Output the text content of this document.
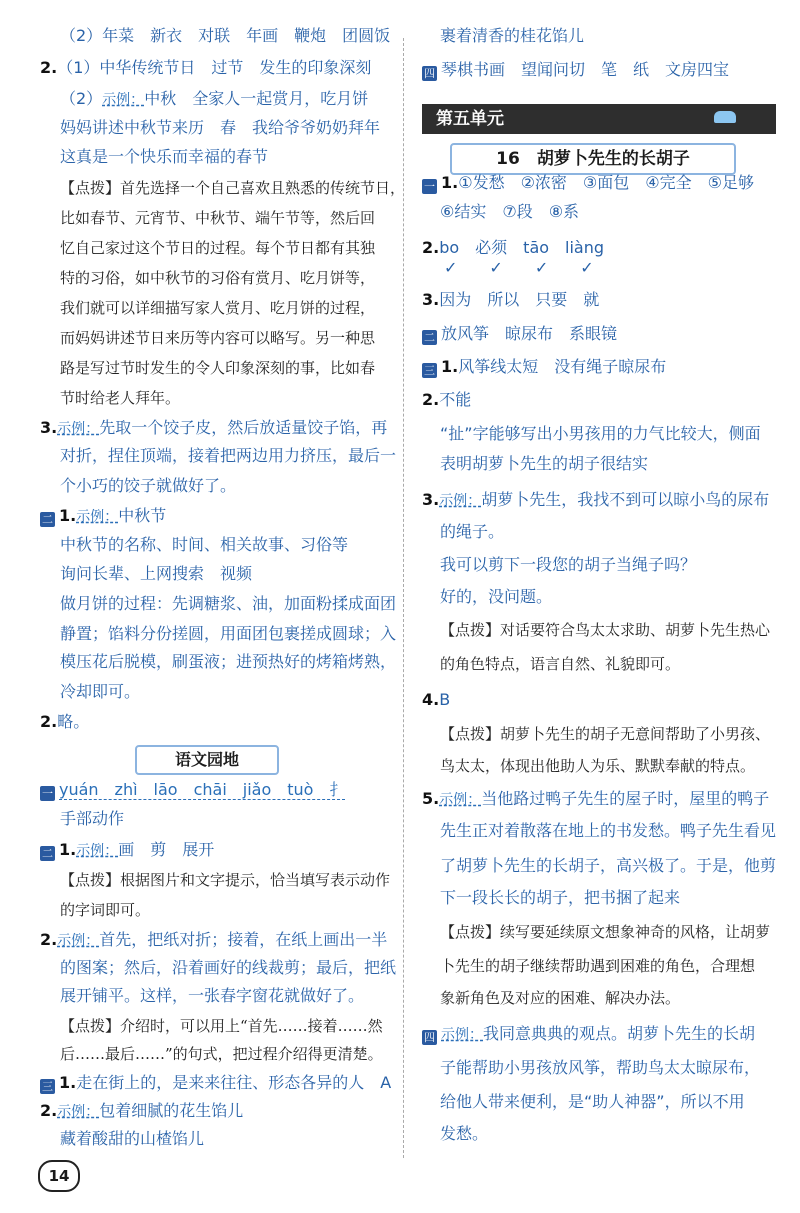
语文园地
第五单元
16　胡萝卜先生的长胡子
14
（2）年菜　新衣　对联　年画　鞭炮　团圆饭
2.（1）中华传统节日　过节　发生的印象深刻
（2）示例：中秋　全家人一起赏月，吃月饼
妈妈讲述中秋节来历　春　我给爷爷奶奶拜年
这真是一个快乐而幸福的春节
【点拨】首先选择一个自己喜欢且熟悉的传统节日，
比如春节、元宵节、中秋节、端午节等，然后回
忆自己家过这个节日的过程。每个节日都有其独
特的习俗，如中秋节的习俗有赏月、吃月饼等，
我们就可以详细描写家人赏月、吃月饼的过程，
而妈妈讲述节日来历等内容可以略写。另一种思
路是写过节时发生的令人印象深刻的事，比如春
节时给老人拜年。
3.示例：先取一个饺子皮，然后放适量饺子馅，再
对折，捏住顶端，接着把两边用力挤压，最后一
个小巧的饺子就做好了。
二 1.示例：中秋节
中秋节的名称、时间、相关故事、习俗等
询问长辈、上网搜索　视频
做月饼的过程：先调糖浆、油，加面粉揉成面团
静置；馅料分份搓圆，用面团包裹搓成圆球；入
模压花后脱模，刷蛋液；进预热好的烤箱烤熟，
冷却即可。
2.略。
一 yuán　zhì　lāo　chāi　jiǎo　tuò　扌
手部动作
二 1.示例：画　剪　展开
【点拨】根据图片和文字提示，恰当填写表示动作
的字词即可。
2.示例：首先，把纸对折；接着，在纸上画出一半
的图案；然后，沿着画好的线裁剪；最后，把纸
展开铺平。这样，一张春字窗花就做好了。
【点拨】介绍时，可以用上“首先……接着……然
后……最后……”的句式，把过程介绍得更清楚。
三 1.走在街上的，是来来往往、形态各异的人　A
2.示例：包着细腻的花生馅儿
藏着酸甜的山楂馅儿
裹着清香的桂花馅儿
四 琴棋书画　望闻问切　笔　纸　文房四宝
一 1.①发愁　②浓密　③面包　④完全　⑤足够
⑥结实　⑦段　⑧系
2.bo　必须　tāo　liàng
✓　　✓　　✓　　✓
3.因为　所以　只要　就
二 放风筝　晾尿布　系眼镜
三 1.风筝线太短　没有绳子晾尿布
2.不能
“扯”字能够写出小男孩用的力气比较大，侧面
表明胡萝卜先生的胡子很结实
3.示例：胡萝卜先生，我找不到可以晾小鸟的尿布
的绳子。
我可以剪下一段您的胡子当绳子吗？
好的，没问题。
【点拨】对话要符合鸟太太求助、胡萝卜先生热心
的角色特点，语言自然、礼貌即可。
4.B
【点拨】胡萝卜先生的胡子无意间帮助了小男孩、
鸟太太，体现出他助人为乐、默默奉献的特点。
5.示例：当他路过鸭子先生的屋子时，屋里的鸭子
先生正对着散落在地上的书发愁。鸭子先生看见
了胡萝卜先生的长胡子，高兴极了。于是，他剪
下一段长长的胡子，把书捆了起来
【点拨】续写要延续原文想象神奇的风格，让胡萝
卜先生的胡子继续帮助遇到困难的角色，合理想
象新角色及对应的困难、解决办法。
四 示例：我同意典典的观点。胡萝卜先生的长胡
子能帮助小男孩放风筝，帮助鸟太太晾尿布，
给他人带来便利，是“助人神器”，所以不用
发愁。
